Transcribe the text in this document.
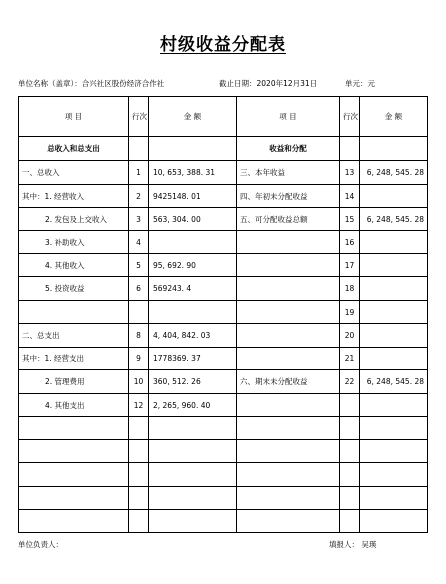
村级收益分配表
单位名称（盖章）：合兴社区股份经济合作社	截止日期：2020年12月31日	单元：元
项 目	行次	金 额	项 目	行次	金 额
总收入和总支出			收益和分配		
一、总收入	1	10, 653, 388. 31	三、本年收益	13	6, 248, 545. 28
其中：1. 经营收入	2	9425148. 01	四、年初未分配收益	14	
2. 发包及上交收入	3	563, 304. 00	五、可分配收益总额	15	6, 248, 545. 28
3. 补助收入	4			16	
4. 其他收入	5	95, 692. 90		17	
5. 投资收益	6	569243. 4		18	
				19	
二、总支出	8	4, 404, 842. 03		20	
其中：1. 经营支出	9	1778369. 37		21	
2. 管理费用	10	360, 512. 26	六、期末未分配收益	22	6, 248, 545. 28
4. 其他支出	12	2, 265, 960. 40			

单位负责人：	填报人： 吴瑛
